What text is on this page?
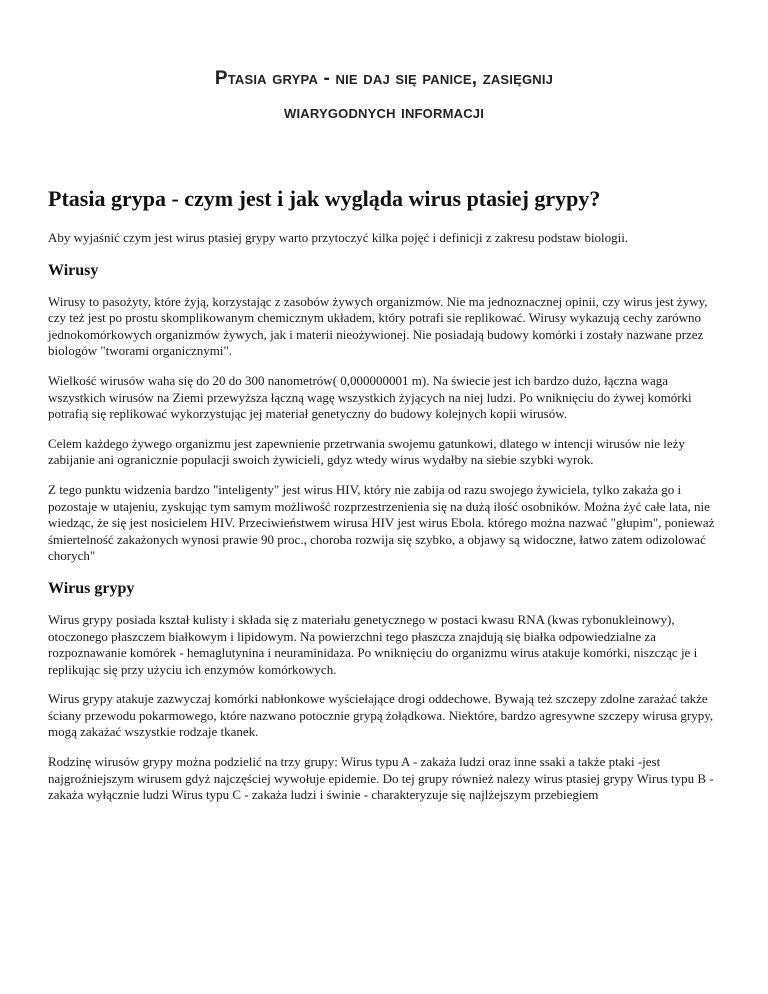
Ptasia grypa - nie daj się panice, zasięgnij
wiarygodnych informacji
Ptasia grypa - czym jest i jak wygląda wirus ptasiej grypy?

Aby wyjaśnić czym jest wirus ptasiej grypy warto przytoczyć kilka pojęć i definicji z zakresu podstaw biologii.

Wirusy

Wirusy to pasożyty, które żyją, korzystając z zasobów żywych organizmów. Nie ma jednoznacznej opinii, czy wirus jest żywy, czy też jest po prostu skomplikowanym chemicznym układem, który potrafi sie replikować. Wirusy wykazują cechy zarówno jednokomórkowych organizmów żywych, jak i materii nieożywionej. Nie posiadają budowy komórki i zostały nazwane przez biologów "tworami organicznymi".

Wielkość wirusów waha się do 20 do 300 nanometrów( 0,000000001 m). Na świecie jest ich bardzo dużo, łączna waga wszystkich wirusów na Ziemi przewyższa łączną wagę wszystkich żyjących na niej ludzi. Po wniknięciu do żywej komórki potrafią się replikować wykorzystując jej materiał genetyczny do budowy kolejnych kopii wirusów.

Celem każdego żywego organizmu jest zapewnienie przetrwania swojemu gatunkowi, dlatego w intencji wirusów nie leży zabijanie ani ogranicznie populacji swoich żywicieli, gdyz wtedy wirus wydałby na siebie szybki wyrok.

Z tego punktu widzenia bardzo "inteligenty" jest wirus HIV, który nie zabija od razu swojego żywiciela, tylko zakaża go i pozostaje w utajeniu, zyskując tym samym możliwość rozprzestrzenienia się na dużą ilość osobników. Można żyć całe lata, nie wiedząc, że się jest nosicielem HIV. Przeciwieństwem wirusa HIV jest wirus Ebola. którego można nazwać "głupim", ponieważ śmiertelność zakażonych wynosi prawie 90 proc., choroba rozwija się szybko, a objawy są widoczne, łatwo zatem odizolować chorych"

Wirus grypy

Wirus grypy posiada kształ kulisty i składa się z materiału genetycznego w postaci kwasu RNA (kwas rybonukleinowy), otoczonego płaszczem białkowym i lipidowym. Na powierzchni tego płaszcza znajdują się białka odpowiedzialne za rozpoznawanie komórek - hemaglutynina i neuraminidaza. Po wniknięciu do organizmu wirus atakuje komórki, niszcząc je i replikując się przy użyciu ich enzymów komórkowych.

Wirus grypy atakuje zazwyczaj komórki nabłonkowe wyściełające drogi oddechowe. Bywają też szczepy zdolne zarażać także ściany przewodu pokarmowego, które nazwano potocznie grypą żołądkowa. Niektóre, bardzo agresywne szczepy wirusa grypy, mogą zakażać wszystkie rodzaje tkanek.

Rodzinę wirusów grypy można podzielić na trzy grupy: Wirus typu A - zakaża ludzi oraz inne ssaki a także ptaki -jest najgroźniejszym wirusem gdyż najczęściej wywołuje epidemie. Do tej grupy również nalezy wirus ptasiej grypy Wirus typu B - zakaża wyłącznie ludzi Wirus typu C - zakaża ludzi i świnie - charakteryzuje się najlżejszym przebiegiem
